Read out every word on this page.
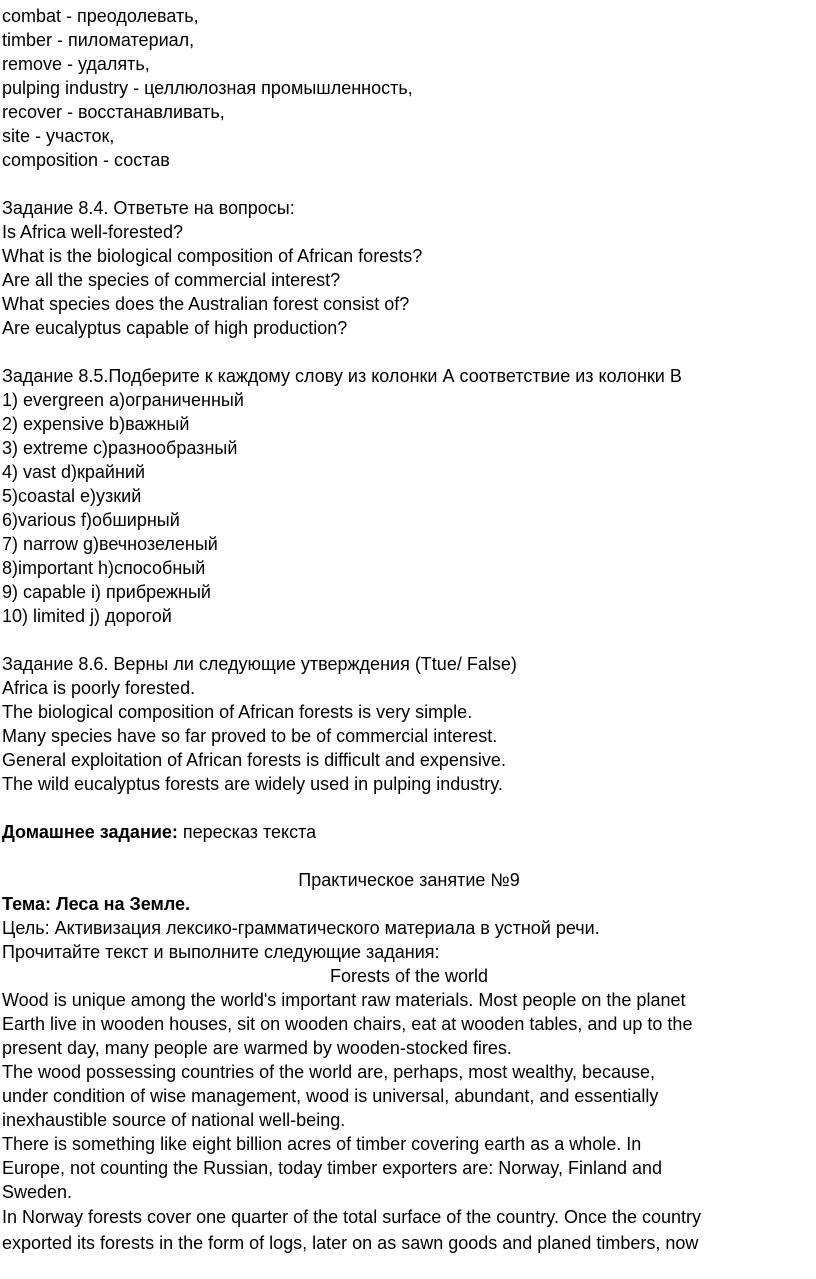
combat - преодолевать,
timber - пиломатериал,
remove - удалять,
pulping industry - целлюлозная промышленность,
recover - восстанавливать,
site - участок,
composition - состав
Задание 8.4. Ответьте на вопросы:
Is Africa well-forested?
What is the biological composition of African forests?
Are all the species of commercial interest?
What species does the Australian forest consist of?
Are eucalyptus capable of high production?
Задание 8.5.Подберите к каждому слову из колонки А соответствие из колонки В
1) evergreen a)ограниченный
2) expensive b)важный
3) extreme c)разнообразный
4) vast d)крайний
5)coastal e)узкий
6)various f)обширный
7) narrow g)вечнозеленый
8)important h)способный
9) capable i) прибрежный
10) limited j) дорогой
Задание 8.6. Верны ли следующие утверждения (Ttue/ False)
Africa is poorly forested.
The biological composition of African forests is very simple.
Many species have so far proved to be of commercial interest.
General exploitation of African forests is difficult and expensive.
The wild eucalyptus forests are widely used in pulping industry.
Домашнее задание: пересказ текста
Практическое занятие №9
Тема: Леса на Земле.
Цель: Активизация лексико-грамматического материала в устной речи.
Прочитайте текст и выполните следующие задания:
Forests of the world
Wood is unique among the world's important raw materials. Most people on the planet
Earth live in wooden houses, sit on wooden chairs, eat at wooden tables, and up to the
present day, many people are warmed by wooden-stocked fires.
The wood possessing countries of the world are, perhaps, most wealthy, because,
under condition of wise management, wood is universal, abundant, and essentially
inexhaustible source of national well-being.
There is something like eight billion acres of timber covering earth as a whole. In
Europe, not counting the Russian, today timber exporters are: Norway, Finland and
Sweden.
In Norway forests cover one quarter of the total surface of the country. Once the country
exported its forests in the form of logs, later on as sawn goods and planed timbers, now
